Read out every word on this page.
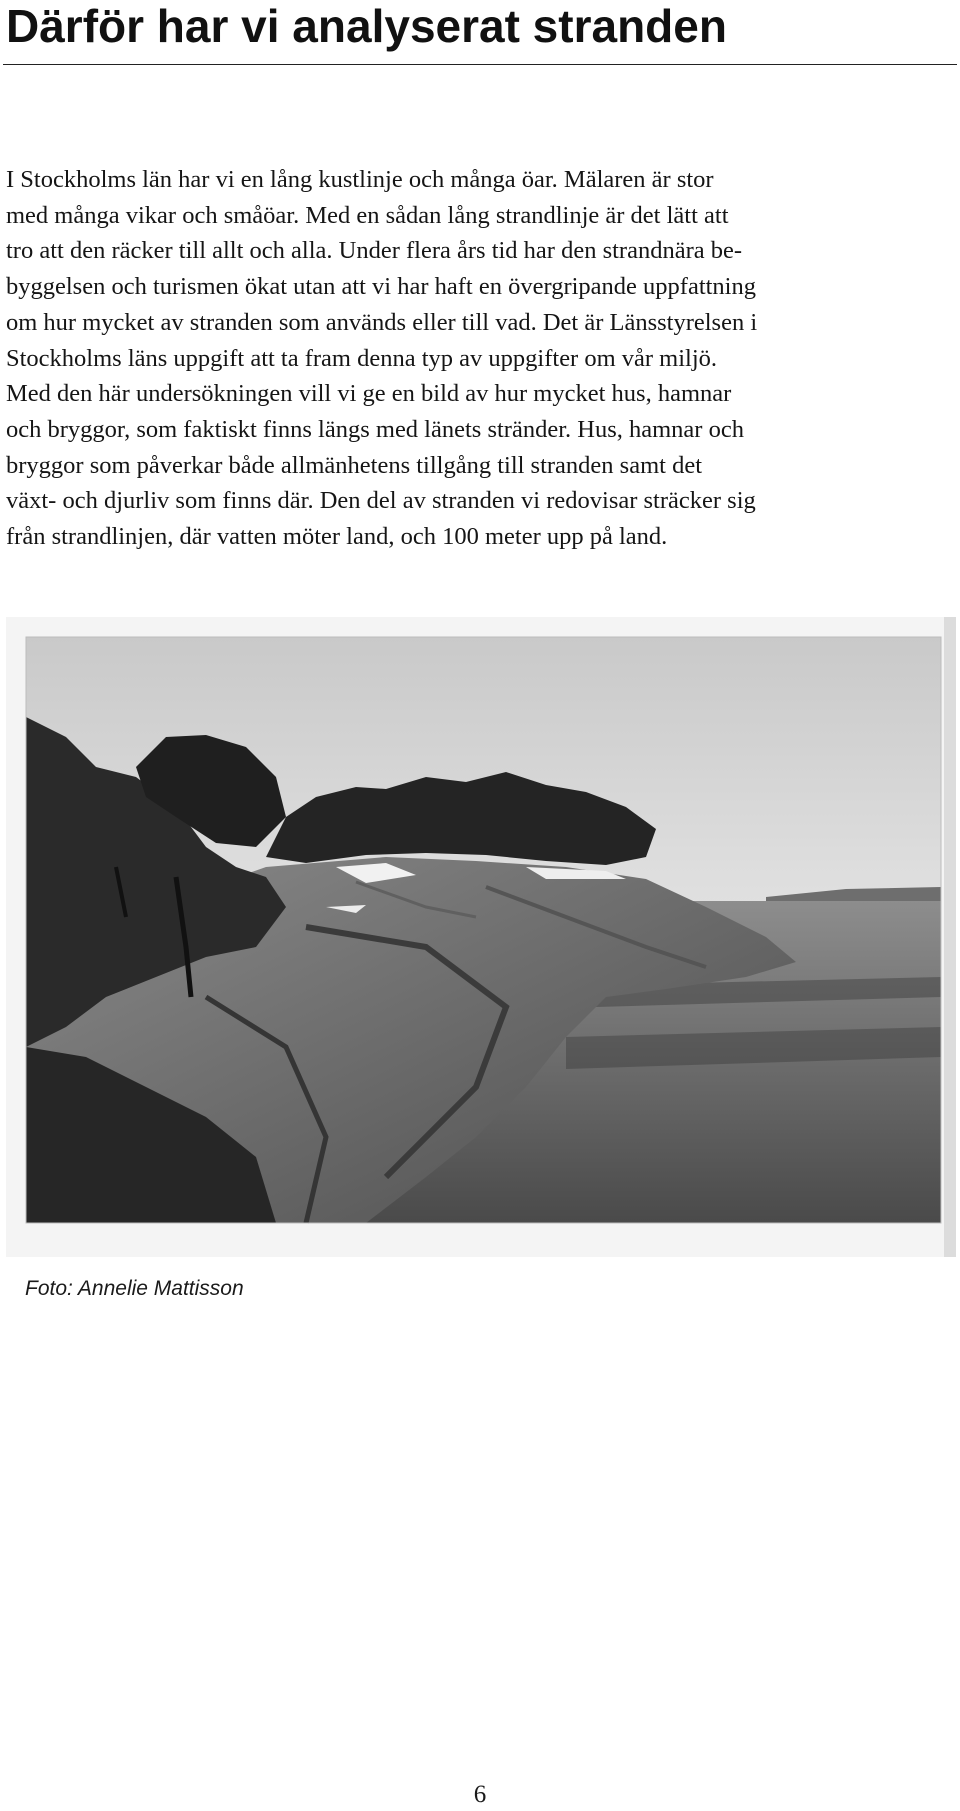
Därför har vi analyserat stranden

I Stockholms län har vi en lång kustlinje och många öar. Mälaren är stor
med många vikar och småöar. Med en sådan lång strandlinje är det lätt att
tro att den räcker till allt och alla. Under flera års tid har den strandnära be-
byggelsen och turismen ökat utan att vi har haft en övergripande uppfattning
om hur mycket av stranden som används eller till vad. Det är Länsstyrelsen i
Stockholms läns uppgift att ta fram denna typ av uppgifter om vår miljö.
Med den här undersökningen vill vi ge en bild av hur mycket hus, hamnar
och bryggor, som faktiskt finns längs med länets stränder. Hus, hamnar och
bryggor som påverkar både allmänhetens tillgång till stranden samt det
växt- och djurliv som finns där. Den del av stranden vi redovisar sträcker sig
från strandlinjen, där vatten möter land, och 100 meter upp på land.

Foto: Annelie Mattisson

6
